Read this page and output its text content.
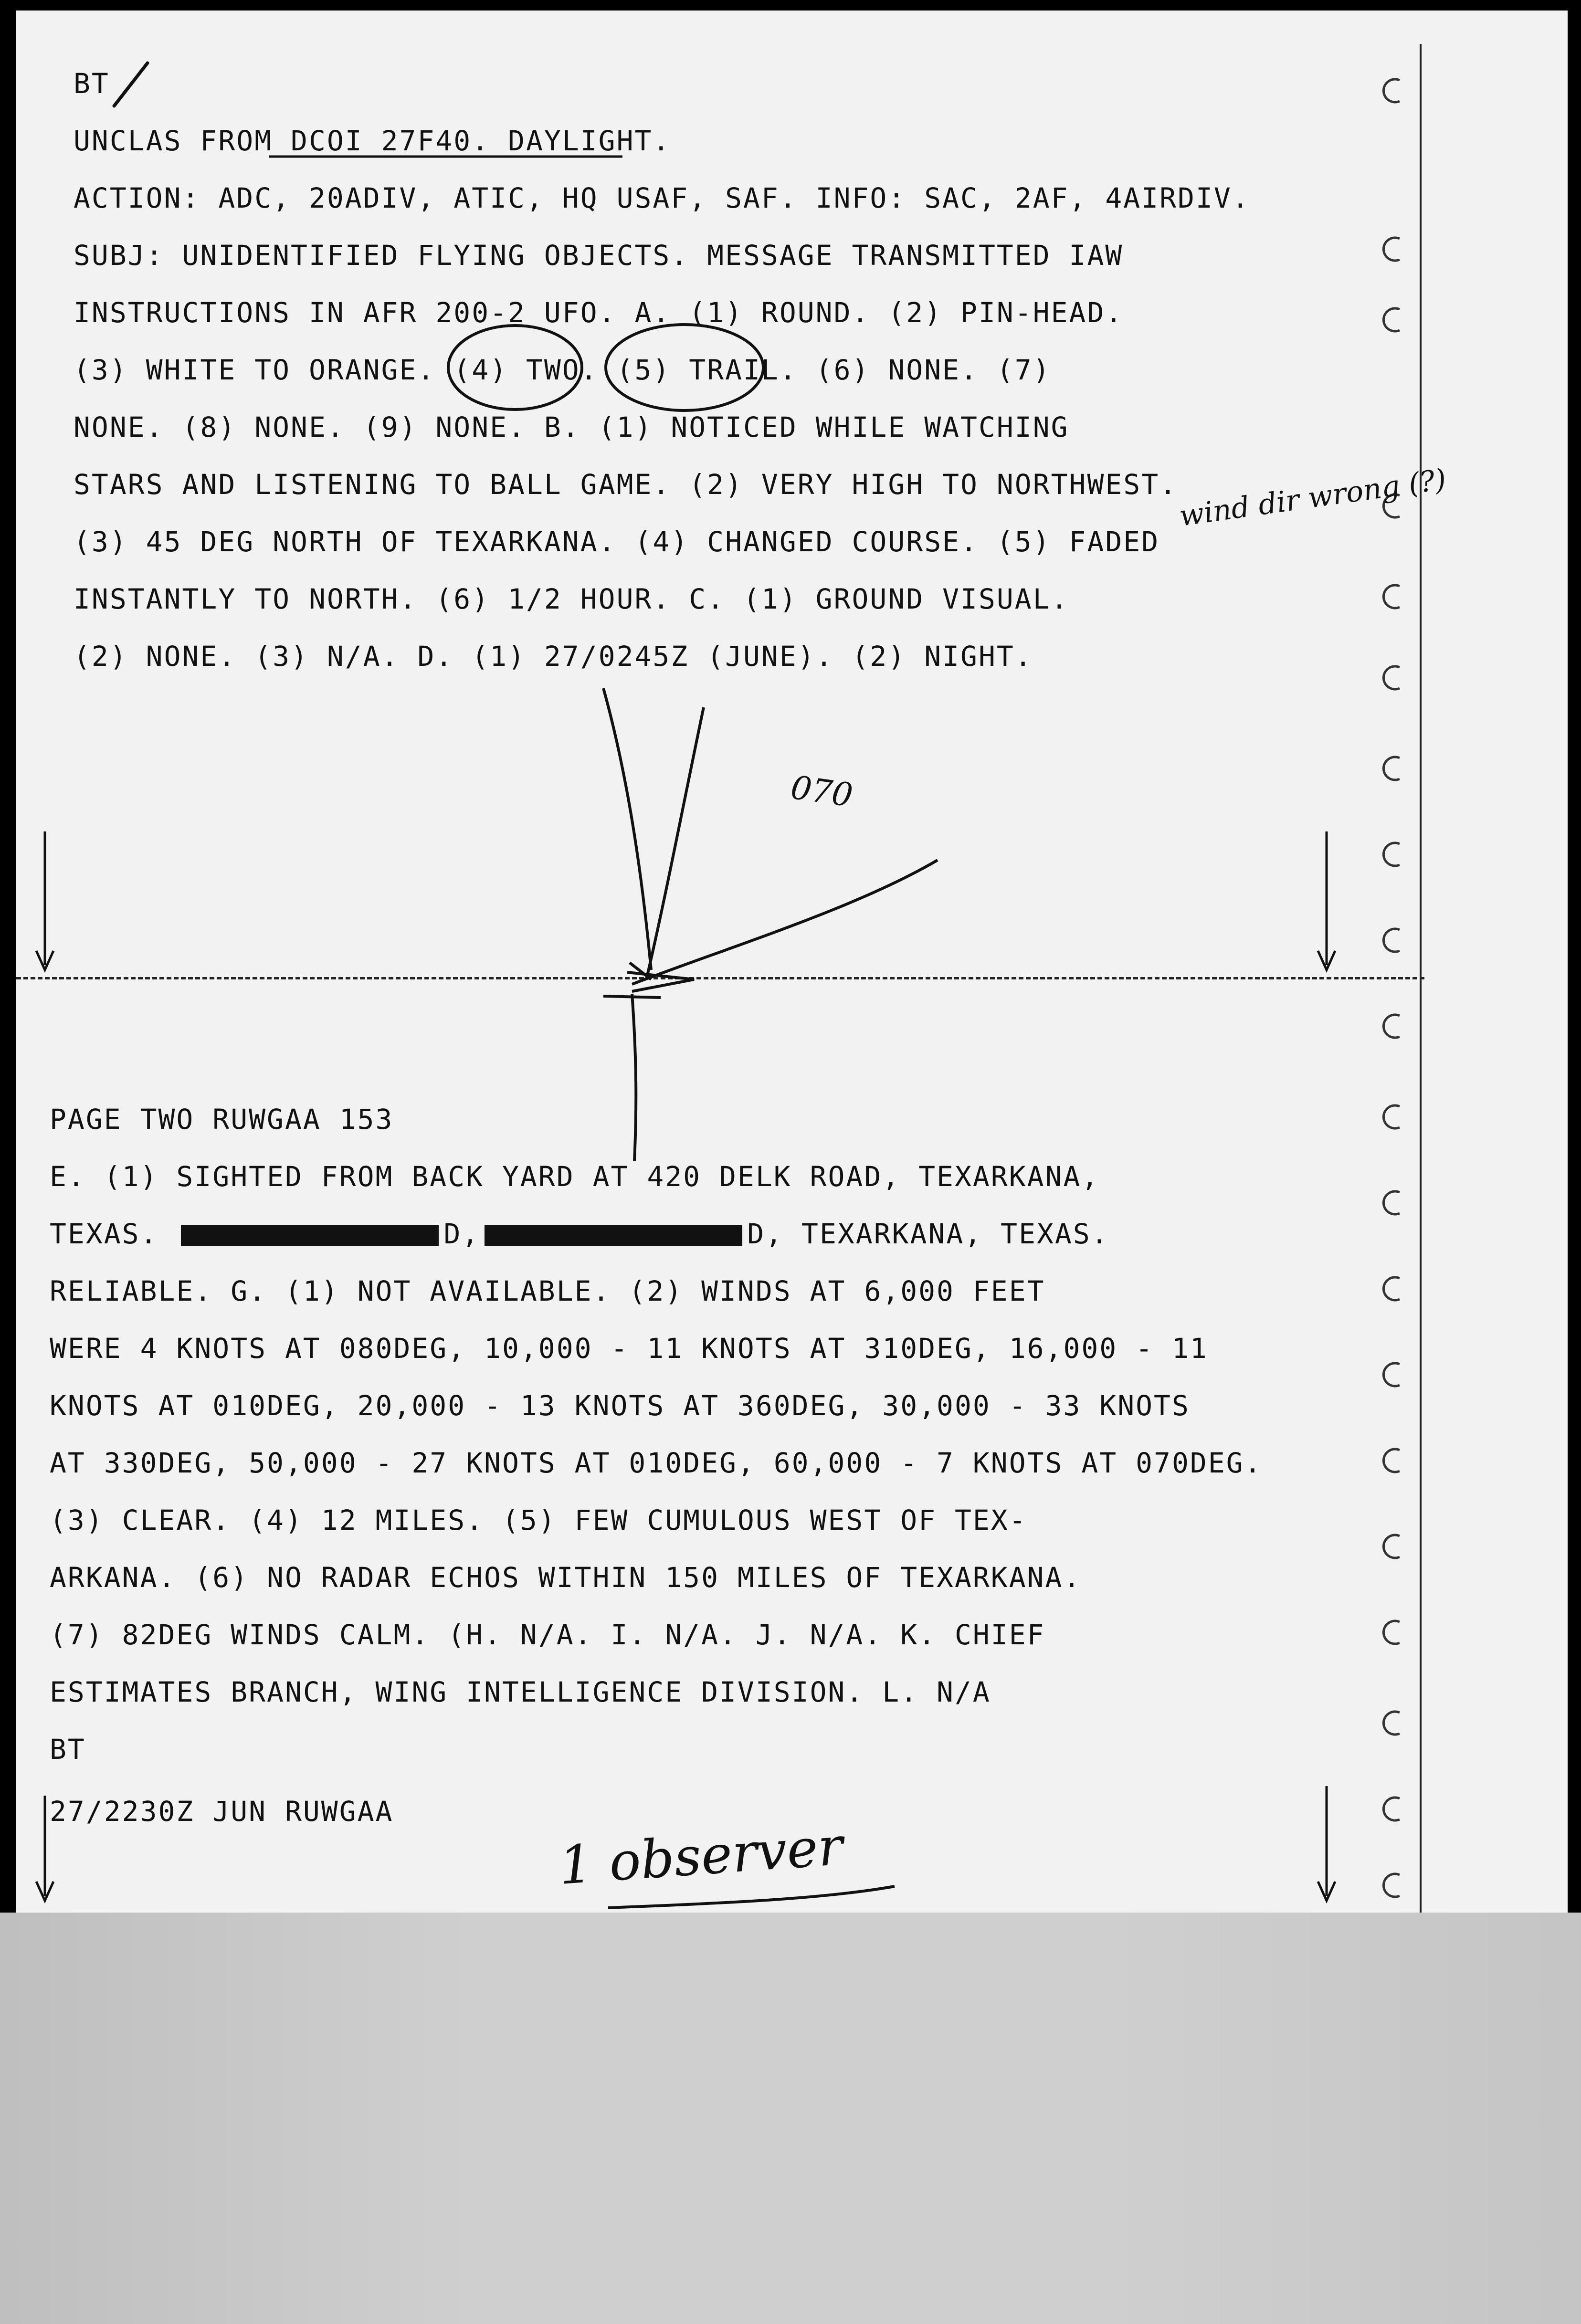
BT
UNCLAS FROM DCOI 27F40. DAYLIGHT.
ACTION: ADC, 20ADIV, ATIC, HQ USAF, SAF. INFO: SAC, 2AF, 4AIRDIV.
SUBJ: UNIDENTIFIED FLYING OBJECTS. MESSAGE TRANSMITTED IAW
INSTRUCTIONS IN AFR 200-2 UFO. A. (1) ROUND. (2) PIN-HEAD.
(3) WHITE TO ORANGE. (4) TWO. (5) TRAIL. (6) NONE. (7)
NONE. (8) NONE. (9) NONE. B. (1) NOTICED WHILE WATCHING
STARS AND LISTENING TO BALL GAME. (2) VERY HIGH TO NORTHWEST.
(3) 45 DEG NORTH OF TEXARKANA. (4) CHANGED COURSE. (5) FADED
INSTANTLY TO NORTH. (6) 1/2 HOUR. C. (1) GROUND VISUAL.
(2) NONE. (3) N/A. D. (1) 27/0245Z (JUNE). (2) NIGHT.
PAGE TWO RUWGAA 153
E. (1) SIGHTED FROM BACK YARD AT 420 DELK ROAD, TEXARKANA,
TEXAS.	D,	D, TEXARKANA, TEXAS.
RELIABLE. G. (1) NOT AVAILABLE. (2) WINDS AT 6,000 FEET
WERE 4 KNOTS AT 080DEG, 10,000 - 11 KNOTS AT 310DEG, 16,000 - 11
KNOTS AT 010DEG, 20,000 - 13 KNOTS AT 360DEG, 30,000 - 33 KNOTS
AT 330DEG, 50,000 - 27 KNOTS AT 010DEG, 60,000 - 7 KNOTS AT 070DEG.
(3) CLEAR. (4) 12 MILES. (5) FEW CUMULOUS WEST OF TEX-
ARKANA. (6) NO RADAR ECHOS WITHIN 150 MILES OF TEXARKANA.
(7) 82DEG WINDS CALM. (H. N/A. I. N/A. J. N/A. K. CHIEF
ESTIMATES BRANCH, WING INTELLIGENCE DIVISION. L. N/A
BT
27/2230Z JUN RUWGAA
wind dir wrong (?)
070
1 observer
